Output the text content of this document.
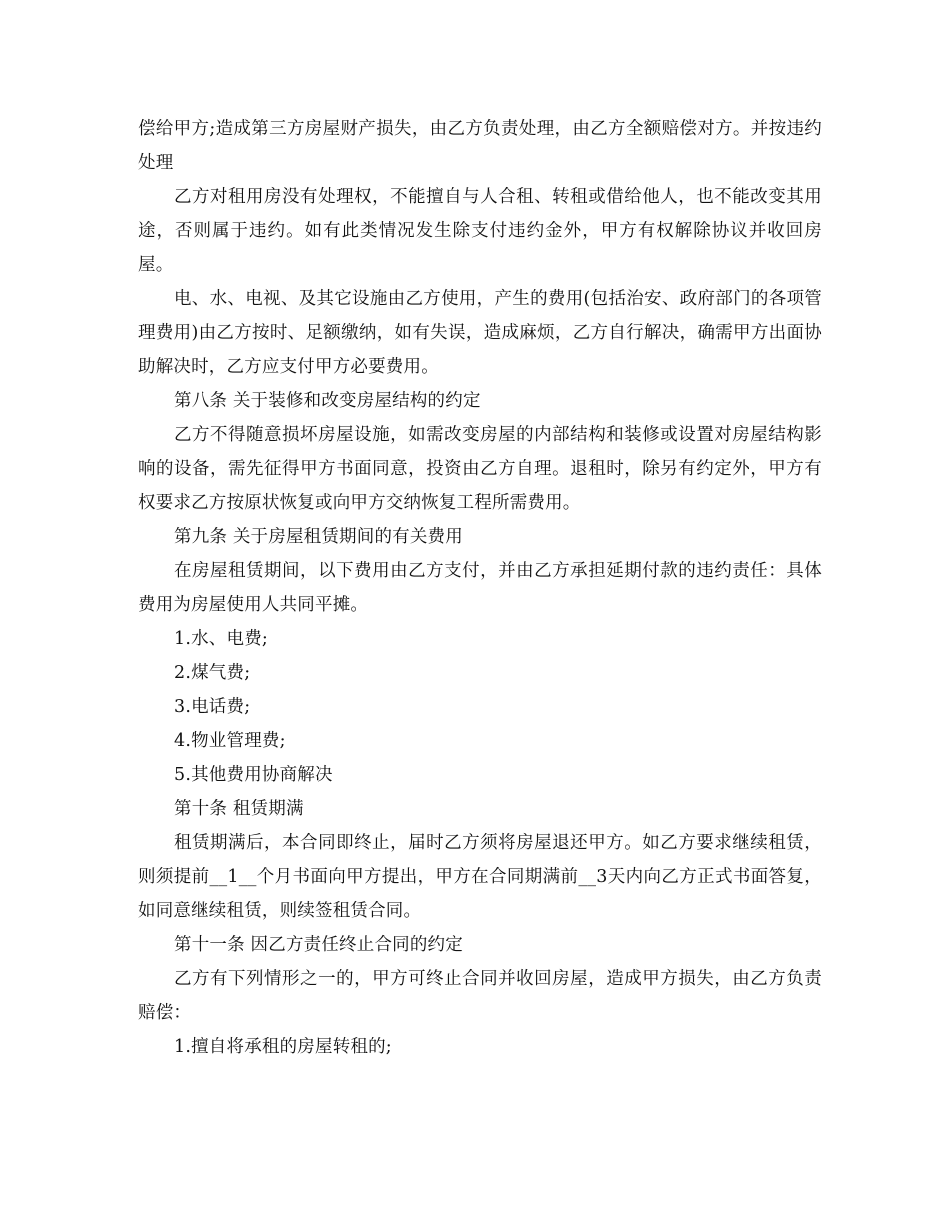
偿给甲方;造成第三方房屋财产损失，由乙方负责处理，由乙方全额赔偿对方。并按违约处理

乙方对租用房没有处理权，不能擅自与人合租、转租或借给他人，也不能改变其用途，否则属于违约。如有此类情况发生除支付违约金外，甲方有权解除协议并收回房屋。

电、水、电视、及其它设施由乙方使用，产生的费用(包括治安、政府部门的各项管理费用)由乙方按时、足额缴纳，如有失误，造成麻烦，乙方自行解决，确需甲方出面协助解决时，乙方应支付甲方必要费用。

第八条 关于装修和改变房屋结构的约定

乙方不得随意损坏房屋设施，如需改变房屋的内部结构和装修或设置对房屋结构影响的设备，需先征得甲方书面同意，投资由乙方自理。退租时，除另有约定外，甲方有权要求乙方按原状恢复或向甲方交纳恢复工程所需费用。

第九条 关于房屋租赁期间的有关费用

在房屋租赁期间，以下费用由乙方支付，并由乙方承担延期付款的违约责任：具体费用为房屋使用人共同平摊。

1.水、电费;

2.煤气费;

3.电话费;

4.物业管理费;

5.其他费用协商解决

第十条 租赁期满

租赁期满后，本合同即终止，届时乙方须将房屋退还甲方。如乙方要求继续租赁，则须提前__1__个月书面向甲方提出，甲方在合同期满前__3天内向乙方正式书面答复，如同意继续租赁，则续签租赁合同。

第十一条 因乙方责任终止合同的约定

乙方有下列情形之一的，甲方可终止合同并收回房屋，造成甲方损失，由乙方负责赔偿：

1.擅自将承租的房屋转租的;
